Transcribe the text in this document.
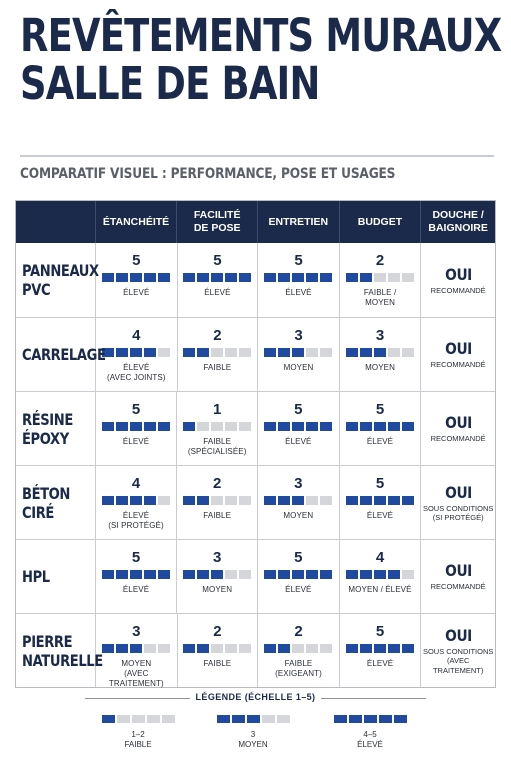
REVÊTEMENTS MURAUX
SALLE DE BAIN
COMPARATIF VISUEL : PERFORMANCE, POSE ET USAGES
ÉTANCHÉITÉ
FACILITÉ
DE POSE
ENTRETIEN	BUDGET
DOUCHE /
BAIGNOIRE
PANNEAUX
PVC
5
ÉLEVÉ
5
ÉLEVÉ
5
ÉLEVÉ
2
FAIBLE /
MOYEN
OUI
RECOMMANDÉ
CARRELAGE
4
ÉLEVÉ
(AVEC JOINTS)
2
FAIBLE
3
MOYEN
3
MOYEN
OUI
RECOMMANDÉ
RÉSINE
ÉPOXY
5
ÉLEVÉ
1
FAIBLE
(SPÉCIALISÉE)
5
ÉLEVÉ
5
ÉLEVÉ
OUI
RECOMMANDÉ
BÉTON
CIRÉ
4
ÉLEVÉ
(SI PROTÉGÉ)
2
FAIBLE
3
MOYEN
5
ÉLEVÉ
OUI
SOUS CONDITIONS
(SI PROTÉGÉ)
HPL
5
ÉLEVÉ
3
MOYEN
5
ÉLEVÉ
4
MOYEN / ÉLEVÉ
OUI
RECOMMANDÉ
PIERRE
NATURELLE
3
MOYEN
(AVEC TRAITEMENT)
2
FAIBLE
2
FAIBLE
(EXIGEANT)
5
ÉLEVÉ
OUI
SOUS CONDITIONS
(AVEC TRAITEMENT)
LÉGENDE (ÉCHELLE 1–5)
1–2
FAIBLE
3
MOYEN
4–5
ÉLEVÉ
